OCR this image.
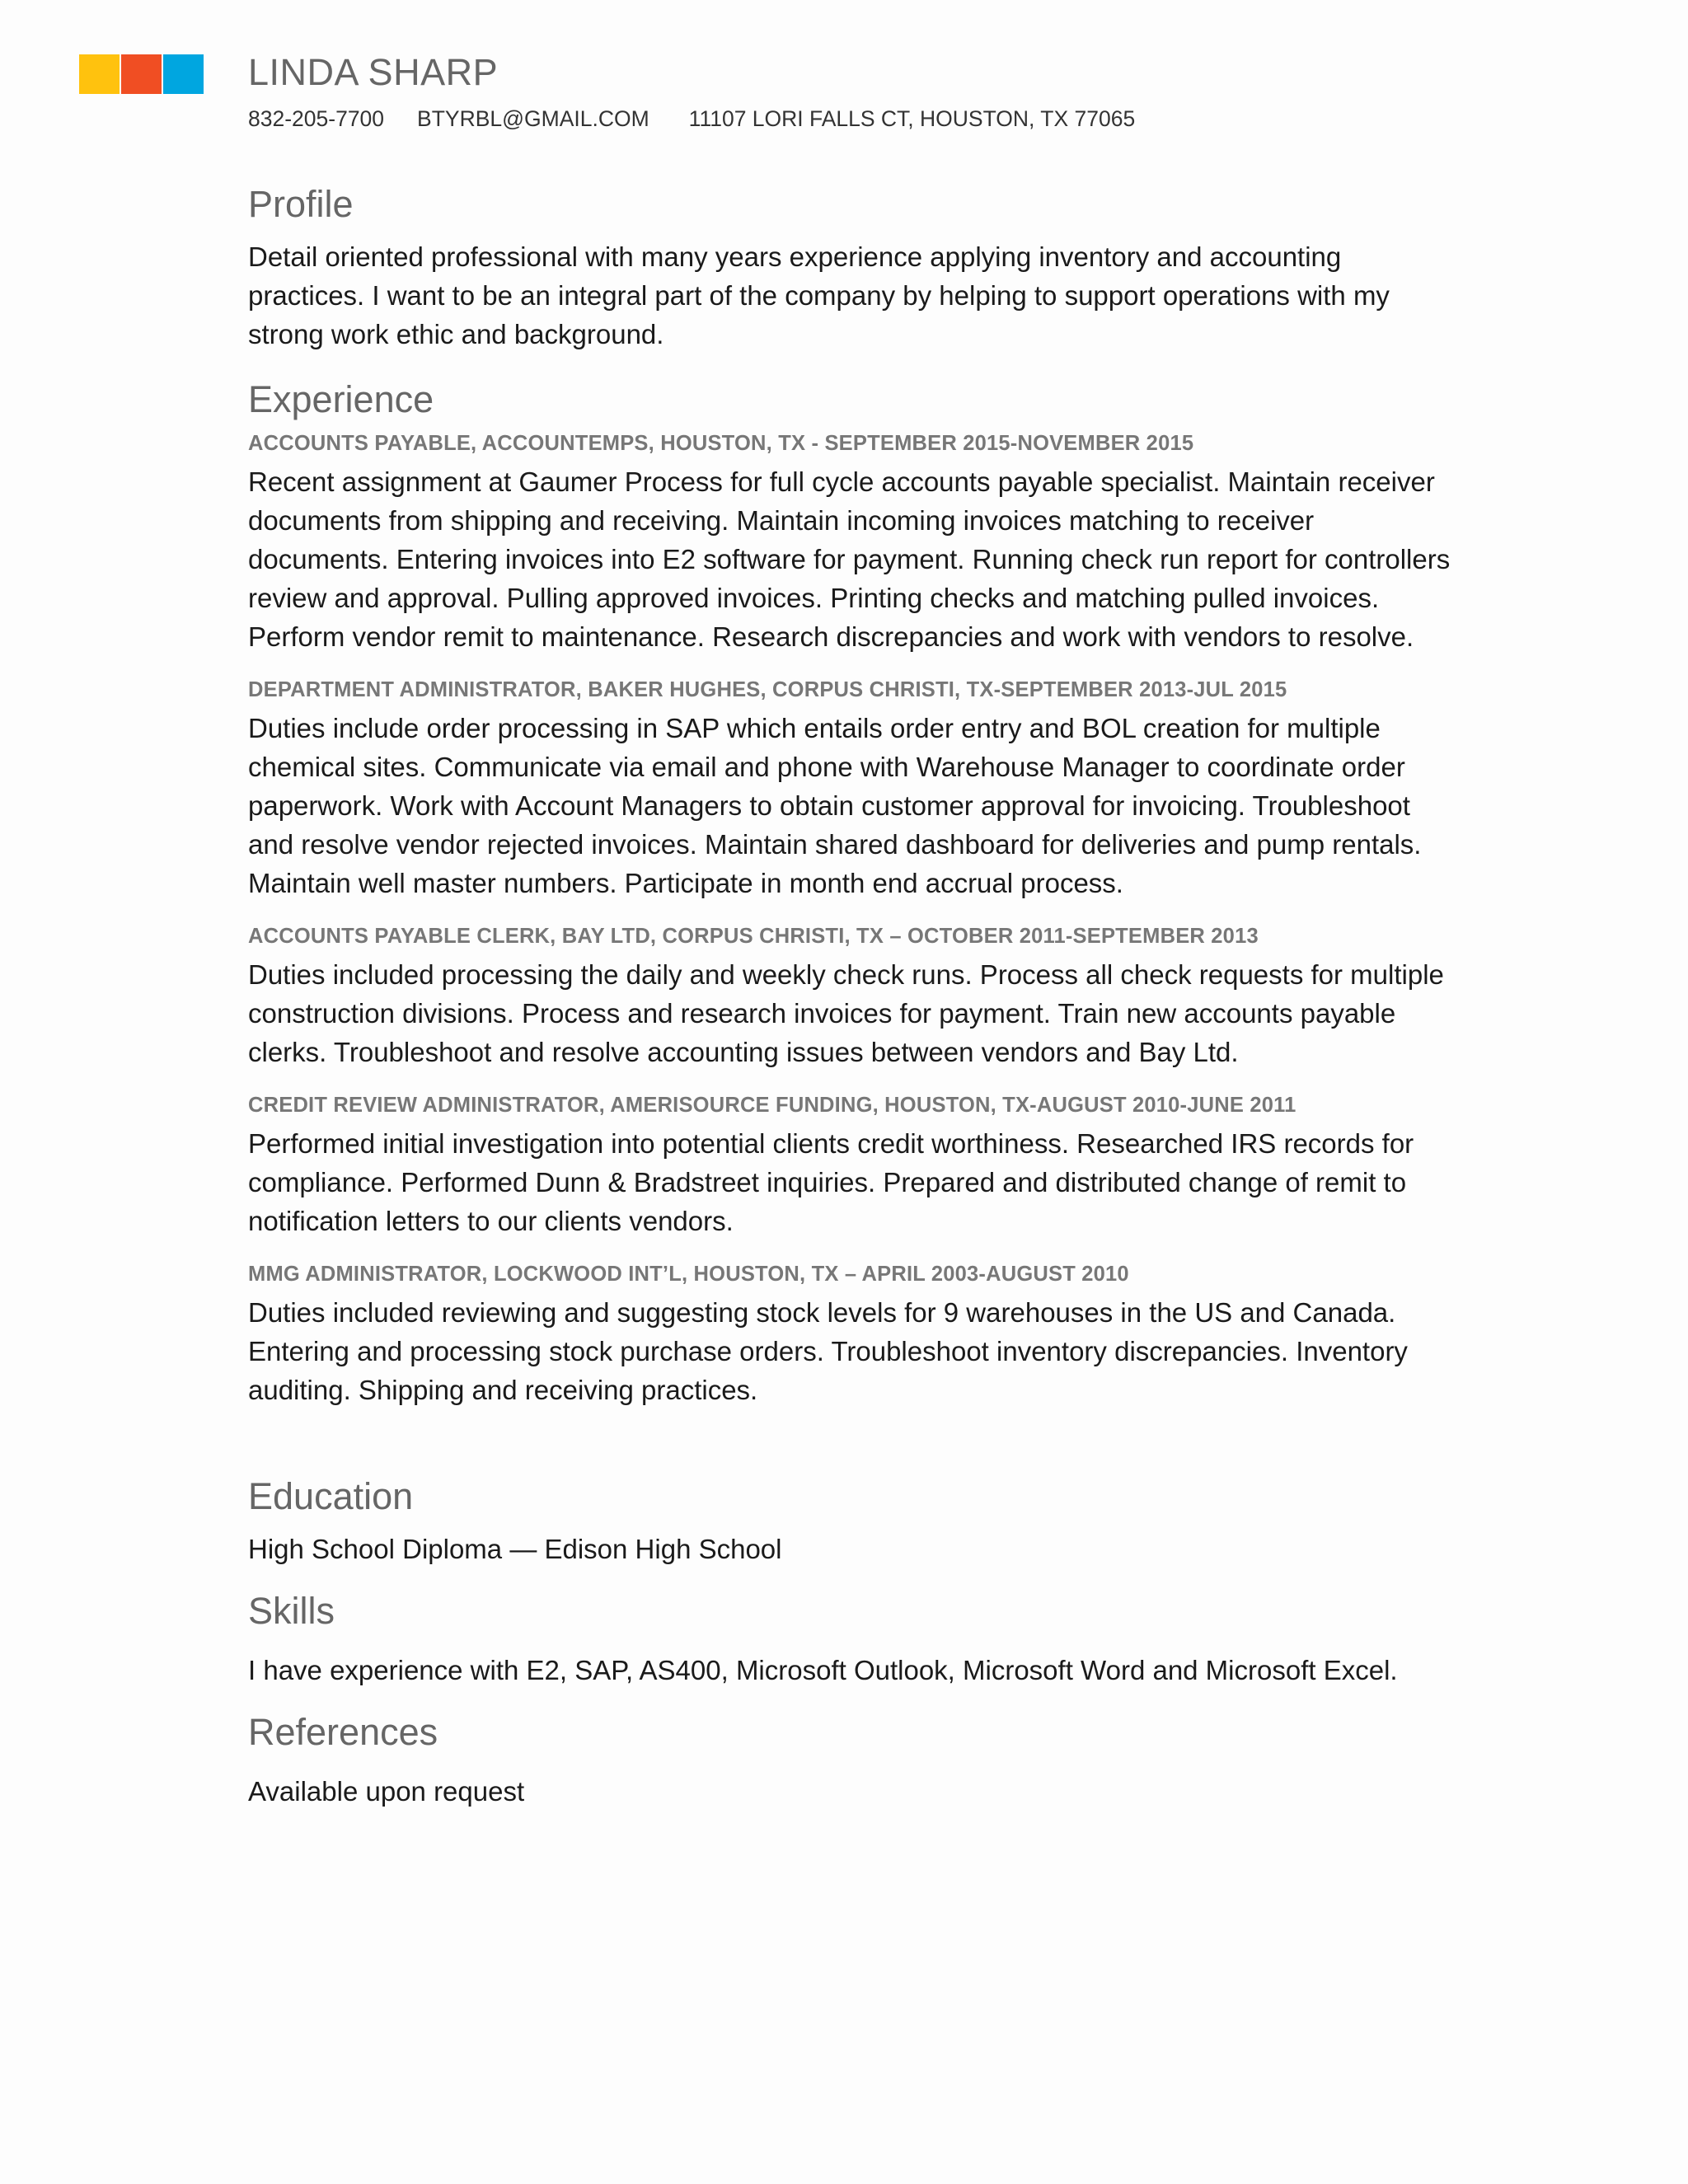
LINDA SHARP
832-205-7700 BTYRBL@GMAIL.COM 11107 LORI FALLS CT, HOUSTON, TX 77065
Profile

Detail oriented professional with many years experience applying inventory and accounting practices. I want to be an integral part of the company by helping to support operations with my strong work ethic and background.

Experience

ACCOUNTS PAYABLE, ACCOUNTEMPS, HOUSTON, TX - SEPTEMBER 2015-NOVEMBER 2015

Recent assignment at Gaumer Process for full cycle accounts payable specialist. Maintain receiver documents from shipping and receiving. Maintain incoming invoices matching to receiver documents. Entering invoices into E2 software for payment. Running check run report for controllers review and approval. Pulling approved invoices. Printing checks and matching pulled invoices. Perform vendor remit to maintenance. Research discrepancies and work with vendors to resolve.

DEPARTMENT ADMINISTRATOR, BAKER HUGHES, CORPUS CHRISTI, TX-SEPTEMBER 2013-JUL 2015

Duties include order processing in SAP which entails order entry and BOL creation for multiple chemical sites. Communicate via email and phone with Warehouse Manager to coordinate order paperwork. Work with Account Managers to obtain customer approval for invoicing. Troubleshoot and resolve vendor rejected invoices. Maintain shared dashboard for deliveries and pump rentals. Maintain well master numbers. Participate in month end accrual process.

ACCOUNTS PAYABLE CLERK, BAY LTD, CORPUS CHRISTI, TX – OCTOBER 2011-SEPTEMBER 2013

Duties included processing the daily and weekly check runs. Process all check requests for multiple construction divisions. Process and research invoices for payment. Train new accounts payable clerks. Troubleshoot and resolve accounting issues between vendors and Bay Ltd.

CREDIT REVIEW ADMINISTRATOR, AMERISOURCE FUNDING, HOUSTON, TX-AUGUST 2010-JUNE 2011

Performed initial investigation into potential clients credit worthiness. Researched IRS records for compliance. Performed Dunn & Bradstreet inquiries. Prepared and distributed change of remit to notification letters to our clients vendors.

MMG ADMINISTRATOR, LOCKWOOD INT’L, HOUSTON, TX – APRIL 2003-AUGUST 2010

Duties included reviewing and suggesting stock levels for 9 warehouses in the US and Canada. Entering and processing stock purchase orders. Troubleshoot inventory discrepancies. Inventory auditing. Shipping and receiving practices.

Education

High School Diploma — Edison High School

Skills

I have experience with E2, SAP, AS400, Microsoft Outlook, Microsoft Word and Microsoft Excel.

References

Available upon request
